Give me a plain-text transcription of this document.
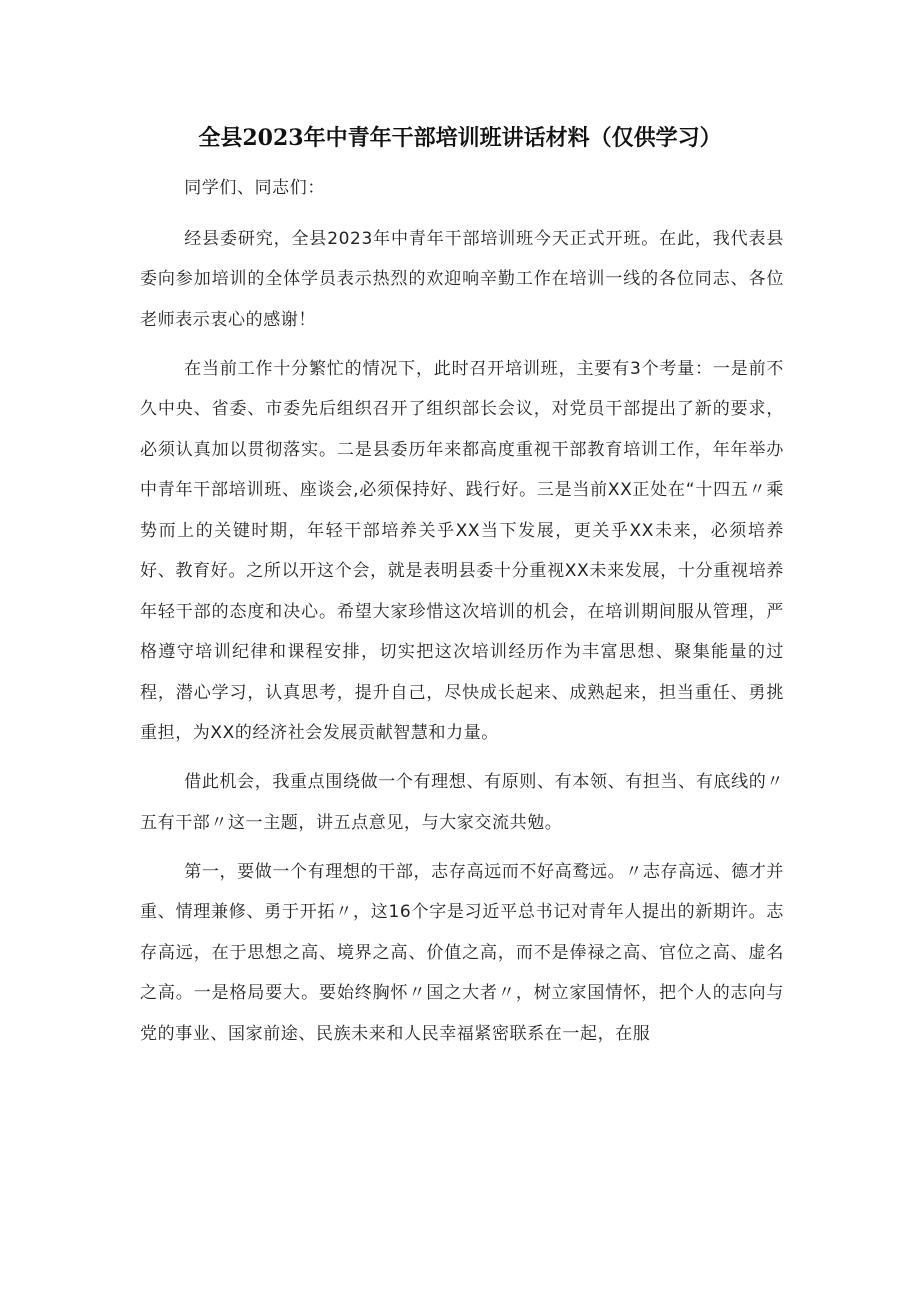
全县2023年中青年干部培训班讲话材料（仅供学习）

同学们、同志们：

经县委研究，全县2023年中青年干部培训班今天正式开班。在此，我代表县委向参加培训的全体学员表示热烈的欢迎响辛勤工作在培训一线的各位同志、各位老师表示衷心的感谢！

在当前工作十分繁忙的情况下，此时召开培训班，主要有3个考量：一是前不久中央、省委、市委先后组织召开了组织部长会议，对党员干部提出了新的要求，必须认真加以贯彻落实。二是县委历年来都高度重视干部教育培训工作，年年举办中青年干部培训班、座谈会,必须保持好、践行好。三是当前XX正处在“十四五〃乘势而上的关键时期，年轻干部培养关乎XX当下发展，更关乎XX未来，必须培养好、教育好。之所以开这个会，就是表明县委十分重视XX未来发展，十分重视培养年轻干部的态度和决心。希望大家珍惜这次培训的机会，在培训期间服从管理，严格遵守培训纪律和课程安排，切实把这次培训经历作为丰富思想、聚集能量的过程，潜心学习，认真思考，提升自己，尽快成长起来、成熟起来，担当重任、勇挑重担，为XX的经济社会发展贡献智慧和力量。

借此机会，我重点围绕做一个有理想、有原则、有本领、有担当、有底线的〃五有干部〃这一主题，讲五点意见，与大家交流共勉。

第一，要做一个有理想的干部，志存高远而不好高鹜远。〃志存高远、德才并重、情理兼修、勇于开拓〃，这16个字是习近平总书记对青年人提出的新期许。志存高远，在于思想之高、境界之高、价值之高，而不是俸禄之高、官位之高、虚名之高。一是格局要大。要始终胸怀〃国之大者〃，树立家国情怀，把个人的志向与党的事业、国家前途、民族未来和人民幸福紧密联系在一起，在服
